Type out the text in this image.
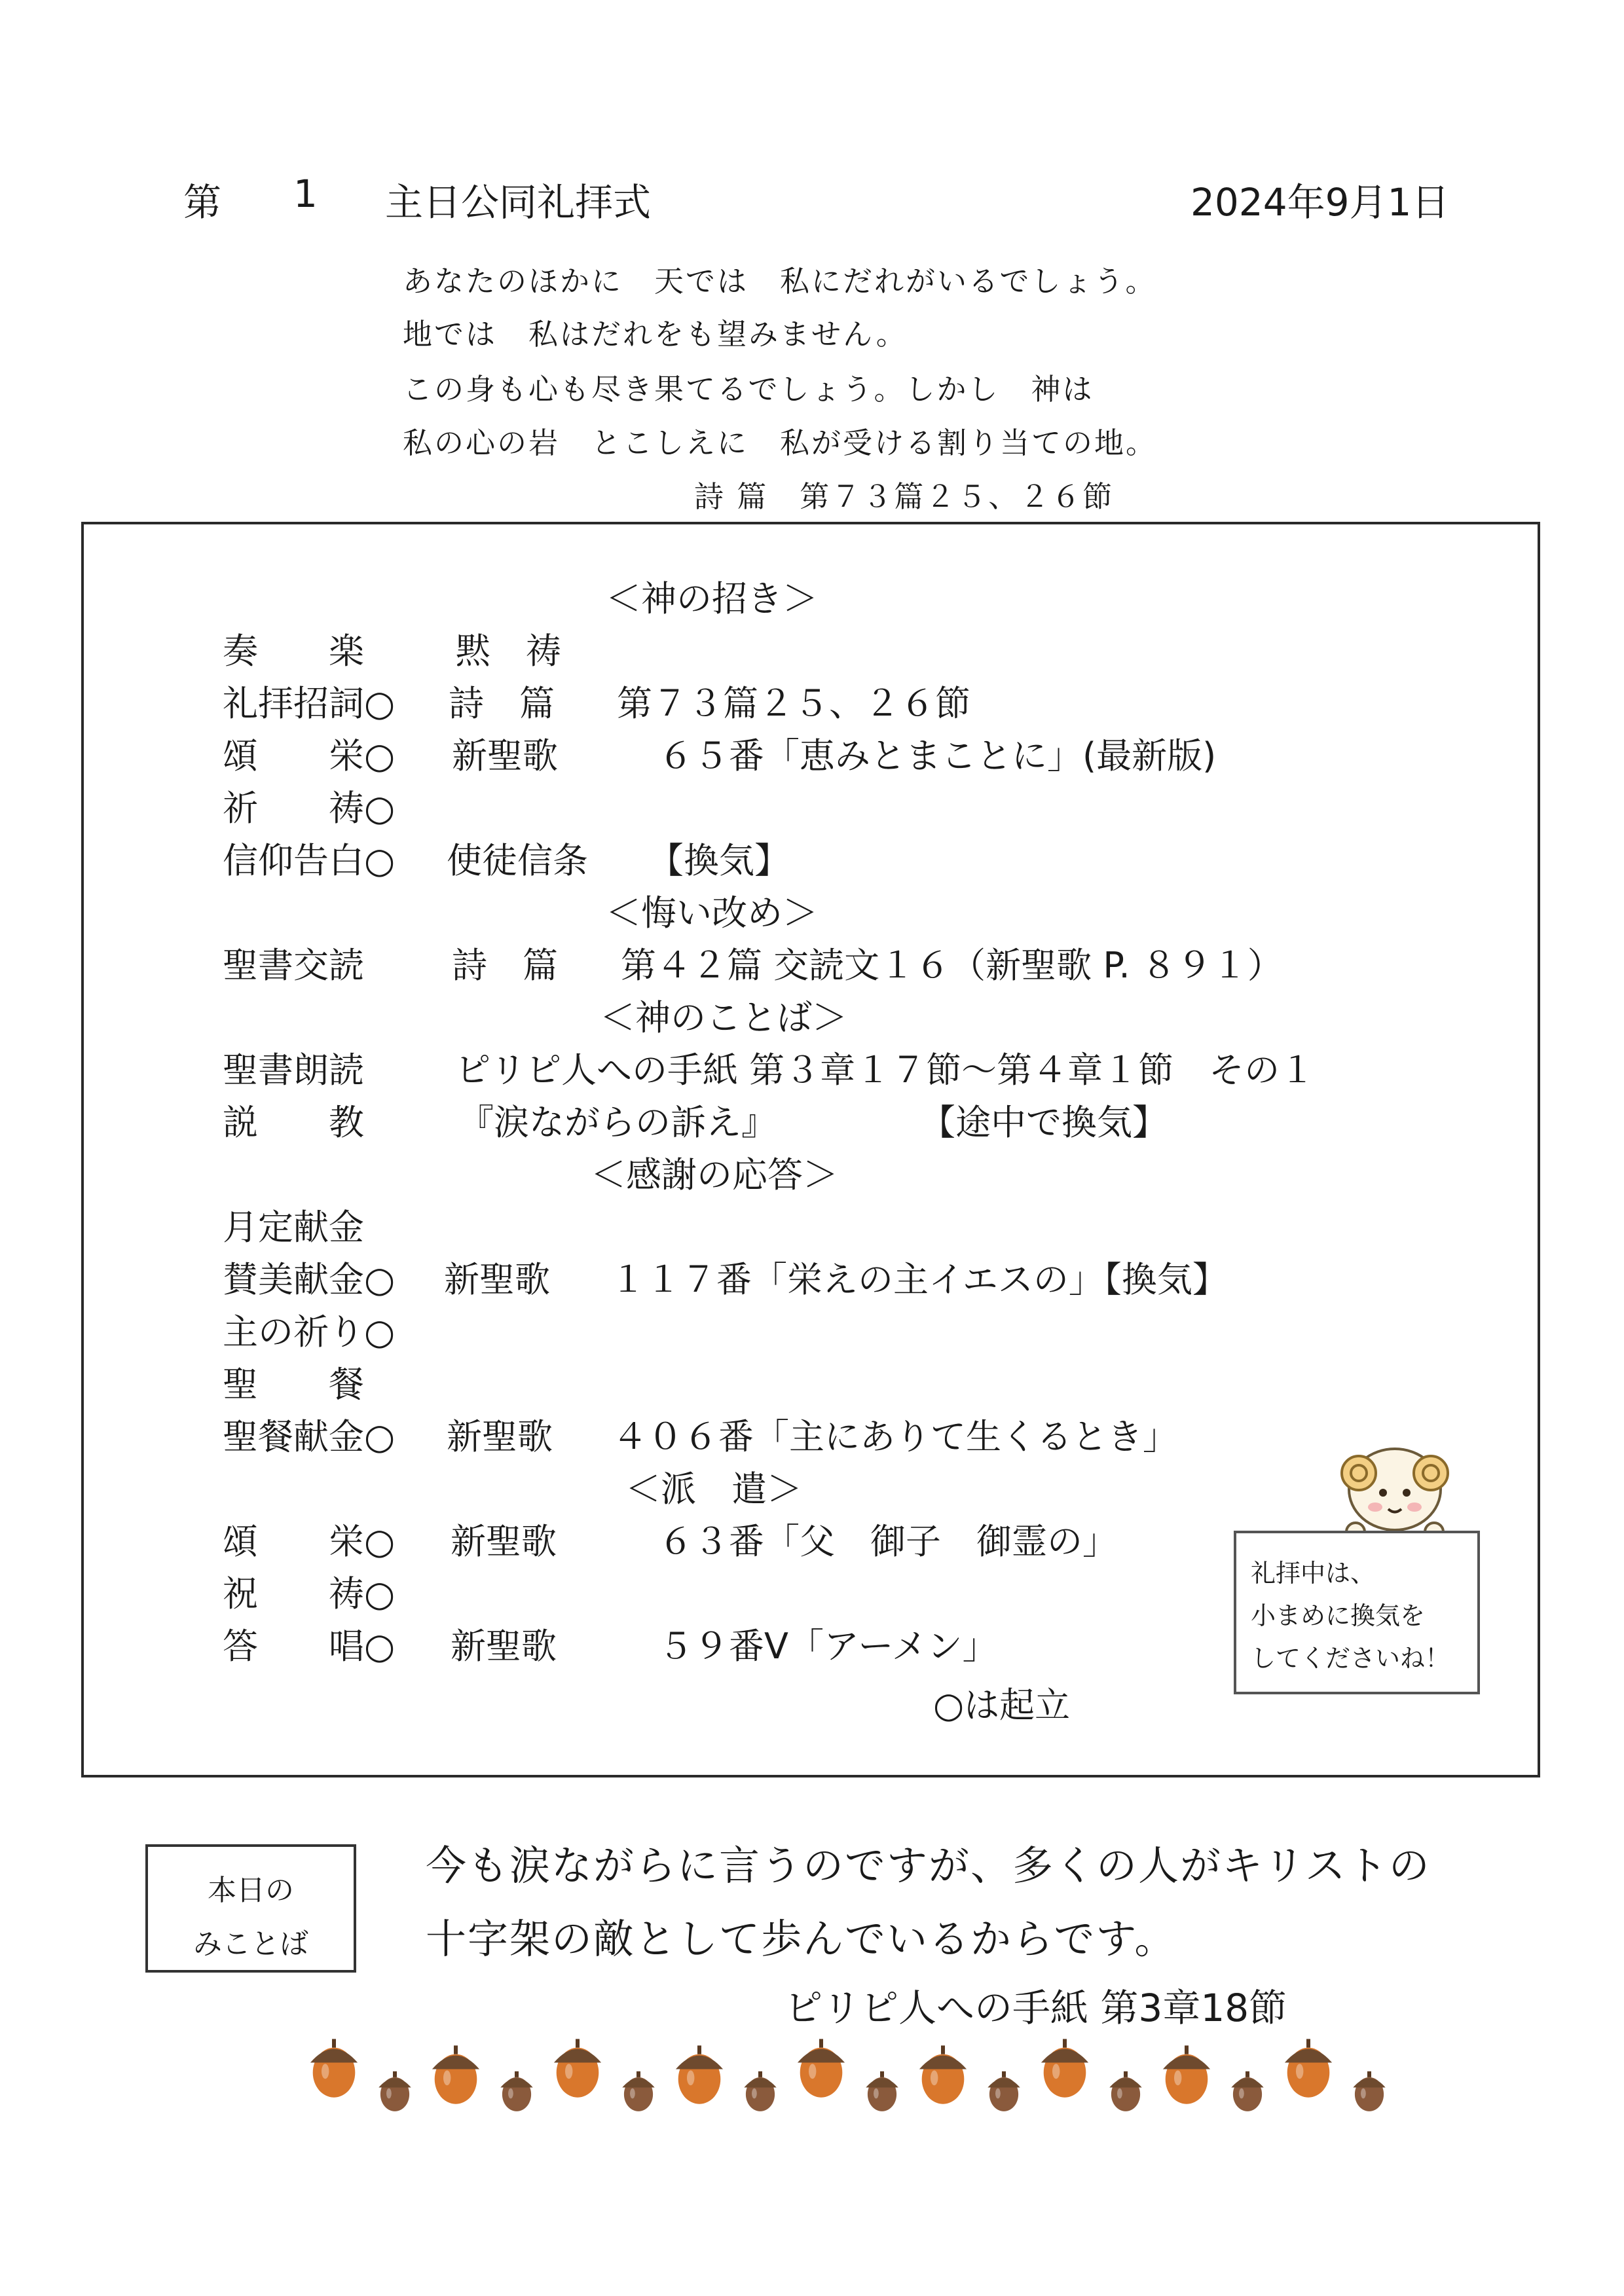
第 1 主日公同礼拝式	2024年9月1日
あなたのほかに　天では　私にだれがいるでしょう。
地では　私はだれをも望みません。
この身も心も尽き果てるでしょう。しかし　神は
私の心の岩　とこしえに　私が受ける割り当ての地。
詩 篇　第７３篇２５、２６節
＜神の招き＞
奏　　楽	黙　祷
礼拝招詞○ 詩　篇 第７３篇２５、２６節
頌　　栄○ 新聖歌	６５番「恵みとまことに」(最新版)
祈　　祷○
信仰告白○ 使徒信条 【換気】
＜悔い改め＞
聖書交読 詩　篇 第４２篇 交読文１６（新聖歌 P. ８９１）
＜神のことば＞
聖書朗読	ピリピ人への手紙 第３章１７節～第４章１節　その１
説　　教	『涙ながらの訴え』	【途中で換気】
＜感謝の応答＞
月定献金
賛美献金○ 新聖歌 １１７番「栄えの主イエスの」【換気】
主の祈り○
聖　　餐
聖餐献金○ 新聖歌 ４０６番「主にありて生くるとき」
＜派　遣＞
頌　　栄○ 新聖歌	６３番「父　御子　御霊の」
祝　　祷○
答　　唱○ 新聖歌	５９番Ⅴ「アーメン」
○は起立
礼拝中は、
小まめに換気を
してくださいね！
本日の
みことば
今も涙ながらに言うのですが、多くの人がキリストの
十字架の敵として歩んでいるからです。
ピリピ人への手紙 第3章18節
